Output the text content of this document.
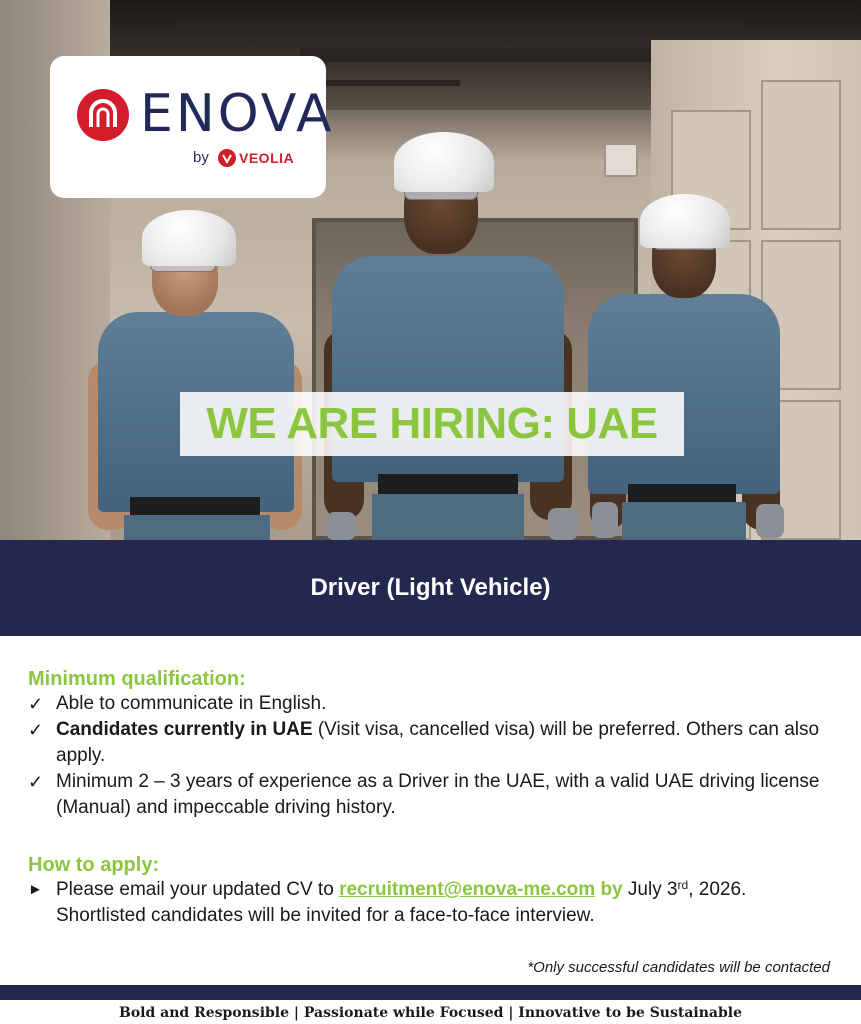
ENOVA
by VEOLIA
WE ARE HIRING: UAE
Driver (Light Vehicle)
Minimum qualification:
✓ Able to communicate in English.
✓ Candidates currently in UAE (Visit visa, cancelled visa) will be preferred. Others can also apply.
✓ Minimum 2 – 3 years of experience as a Driver in the UAE, with a valid UAE driving license (Manual) and impeccable driving history.
How to apply:
► Please email your updated CV to recruitment@enova-me.com by July 3rd, 2026.
Shortlisted candidates will be invited for a face-to-face interview.
*Only successful candidates will be contacted
Bold and Responsible | Passionate while Focused | Innovative to be Sustainable
